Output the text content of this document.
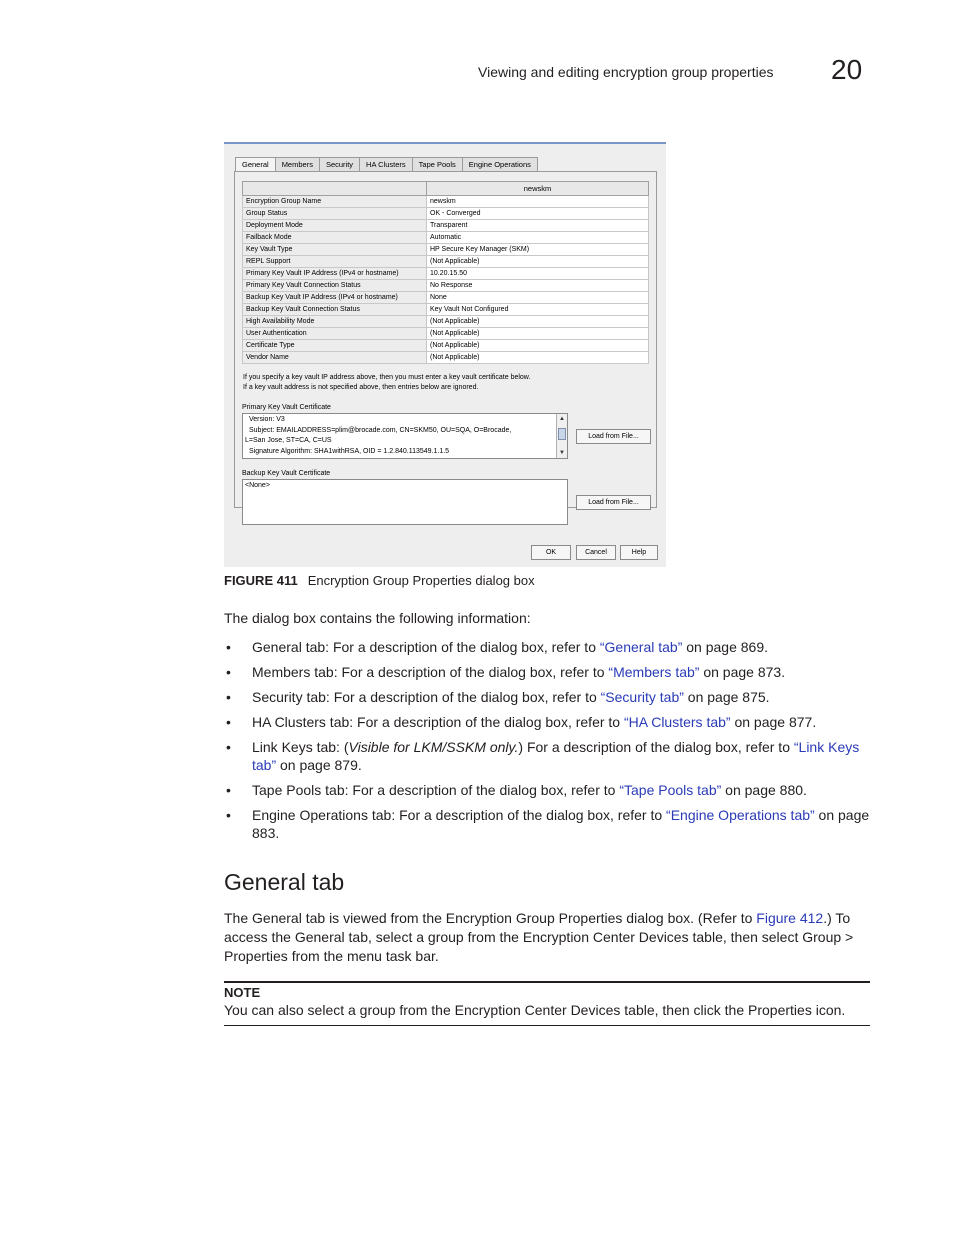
Viewing and editing encryption group properties 20
General	Members	Security	HA Clusters	Tape Pools	Engine Operations
	newskm
Encryption Group Name	newskm
Group Status	OK - Converged
Deployment Mode	Transparent
Failback Mode	Automatic
Key Vault Type	HP Secure Key Manager (SKM)
REPL Support	(Not Applicable)
Primary Key Vault IP Address (IPv4 or hostname)	10.20.15.50
Primary Key Vault Connection Status	No Response
Backup Key Vault IP Address (IPv4 or hostname)	None
Backup Key Vault Connection Status	Key Vault Not Configured
High Availability Mode	(Not Applicable)
User Authentication	(Not Applicable)
Certificate Type	(Not Applicable)
Vendor Name	(Not Applicable)
If you specify a key vault IP address above, then you must enter a key vault certificate below.
If a key vault address is not specified above, then entries below are ignored.
Primary Key Vault Certificate
Version: V3
Subject: EMAILADDRESS=plim@brocade.com, CN=SKM50, OU=SQA, O=Brocade,
L=San Jose, ST=CA, C=US
Signature Algorithm: SHA1withRSA, OID = 1.2.840.113549.1.1.5
▲
▼
Load from File...
Backup Key Vault Certificate
<None>
Load from File...
OK	Cancel	Help
FIGURE 411 Encryption Group Properties dialog box
The dialog box contains the following information:
• General tab: For a description of the dialog box, refer to “General tab” on page 869.
• Members tab: For a description of the dialog box, refer to “Members tab” on page 873.
• Security tab: For a description of the dialog box, refer to “Security tab” on page 875.
• HA Clusters tab: For a description of the dialog box, refer to “HA Clusters tab” on page 877.
• Link Keys tab: (Visible for LKM/SSKM only.) For a description of the dialog box, refer to “Link Keys tab” on page 879.
• Tape Pools tab: For a description of the dialog box, refer to “Tape Pools tab” on page 880.
• Engine Operations tab: For a description of the dialog box, refer to “Engine Operations tab” on page 883.
General tab
The General tab is viewed from the Encryption Group Properties dialog box. (Refer to Figure 412.) To access the General tab, select a group from the Encryption Center Devices table, then select Group > Properties from the menu task bar.
NOTE
You can also select a group from the Encryption Center Devices table, then click the Properties icon.
